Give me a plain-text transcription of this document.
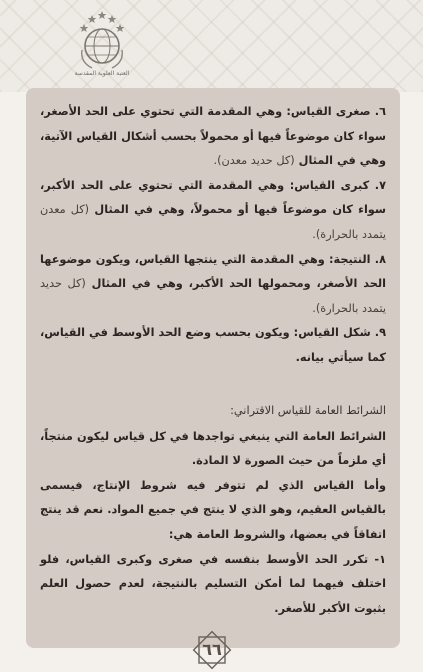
العتبة العلوية المقدسة

٦. صغرى القياس: وهي المقدمة التي تحتوي على الحد الأصغر، سواء كان موضوعاً فيها أو محمولاً بحسب أشكال القياس الآتية، وهي في المثال (كل حديد معدن).

٧. كبرى القياس: وهي المقدمة التي تحتوي على الحد الأكبر، سواء كان موضوعاً فيها أو محمولاً، وهي في المثال (كل معدن يتمدد بالحرارة).

٨. النتيجة: وهي المقدمة التي ينتجها القياس، ويكون موضوعها الحد الأصغر، ومحمولها الحد الأكبر، وهي في المثال (كل حديد يتمدد بالحرارة).

٩. شكل القياس: ويكون بحسب وضع الحد الأوسط في القياس، كما سيأتي بيانه.

الشرائط العامة للقياس الاقتراني:

الشرائط العامة التي ينبغي تواجدها في كل قياس ليكون منتجاً، أي ملزماً من حيث الصورة لا المادة.

وأما القياس الذي لم تتوفر فيه شروط الإنتاج، فيسمى بالقياس العقيم، وهو الذي لا ينتج في جميع المواد. نعم قد ينتج اتفاقاً في بعضها، والشروط العامة هي:

١- تكرر الحد الأوسط بنفسه في صغرى وكبرى القياس، فلو اختلف فيهما لما أمكن التسليم بالنتيجة، لعدم حصول العلم بثبوت الأكبر للأصغر.

٦٦
